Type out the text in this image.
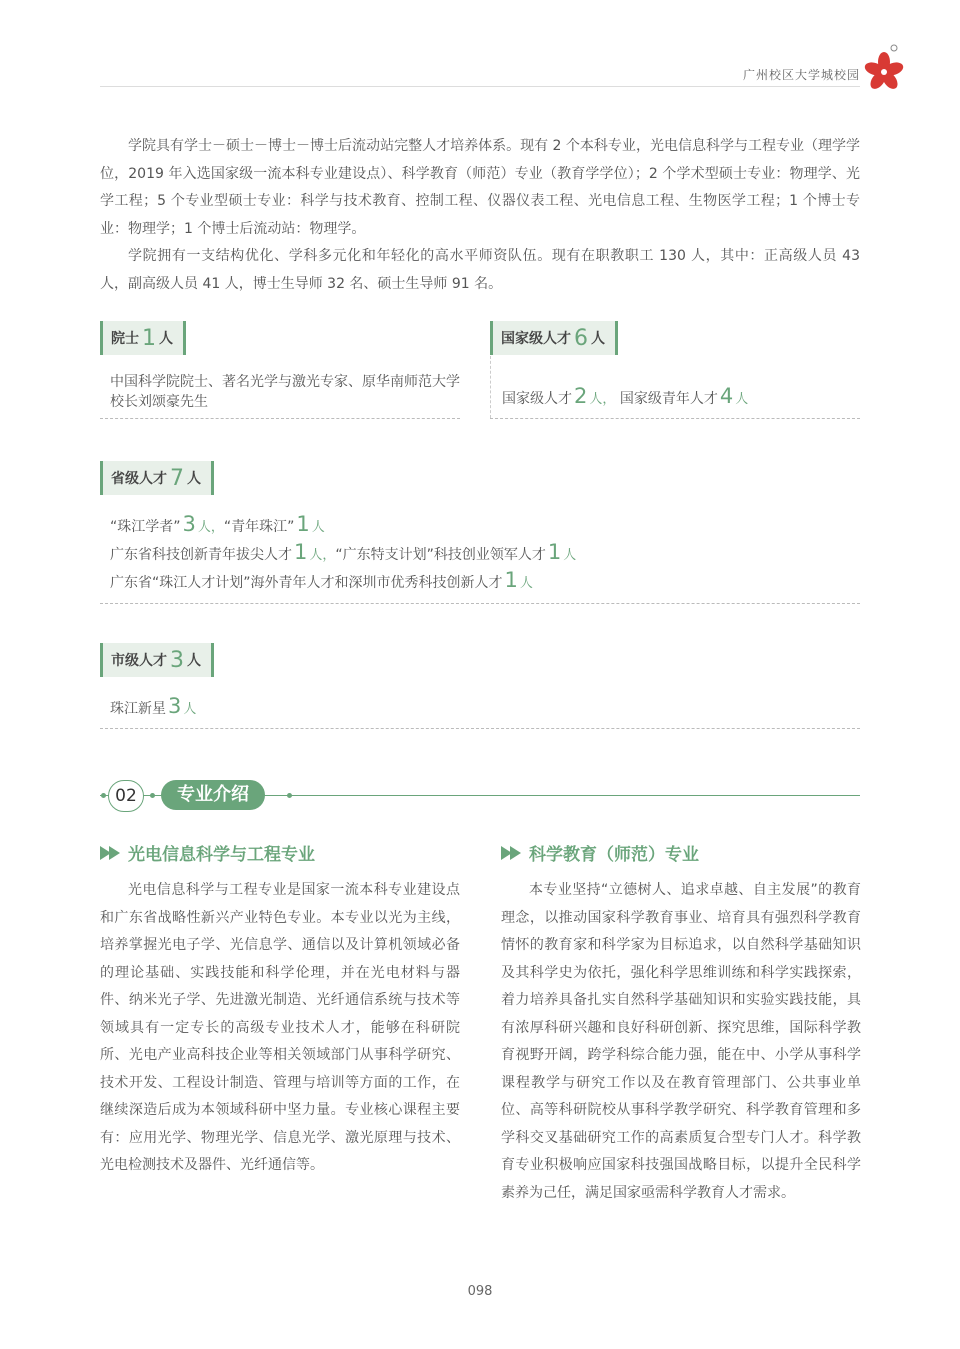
广州校区大学城校园

学院具有学士－硕士－博士－博士后流动站完整人才培养体系。现有 2 个本科专业，光电信息科学与工程专业（理学学位，2019 年入选国家级一流本科专业建设点）、科学教育（师范）专业（教育学学位）；2 个学术型硕士专业：物理学、光学工程；5 个专业型硕士专业：科学与技术教育、控制工程、仪器仪表工程、光电信息工程、生物医学工程；1 个博士专业：物理学；1 个博士后流动站：物理学。

学院拥有一支结构优化、学科多元化和年轻化的高水平师资队伍。现有在职教职工 130 人，其中：正高级人员 43 人，副高级人员 41 人，博士生导师 32 名、硕士生导师 91 名。

院士 1 人
中国科学院院士、著名光学与激光专家、原华南师范大学校长刘颂豪先生
国家级人才 6 人
国家级人才2 人， 国家级青年人才4 人
省级人才 7 人
“珠江学者”3 人，“青年珠江”1 人
广东省科技创新青年拔尖人才1 人，“广东特支计划”科技创业领军人才1 人
广东省“珠江人才计划”海外青年人才和深圳市优秀科技创新人才1 人
市级人才 3 人
珠江新星3 人
02	专业介绍
光电信息科学与工程专业

光电信息科学与工程专业是国家一流本科专业建设点和广东省战略性新兴产业特色专业。本专业以光为主线，培养掌握光电子学、光信息学、通信以及计算机领域必备的理论基础、实践技能和科学伦理，并在光电材料与器件、纳米光子学、先进激光制造、光纤通信系统与技术等领域具有一定专长的高级专业技术人才，能够在科研院所、光电产业高科技企业等相关领域部门从事科学研究、技术开发、工程设计制造、管理与培训等方面的工作，在继续深造后成为本领域科研中坚力量。专业核心课程主要有：应用光学、物理光学、信息光学、激光原理与技术、光电检测技术及器件、光纤通信等。

科学教育（师范）专业

本专业坚持“立德树人、追求卓越、自主发展”的教育理念，以推动国家科学教育事业、培育具有强烈科学教育情怀的教育家和科学家为目标追求，以自然科学基础知识及其科学史为依托，强化科学思维训练和科学实践探索，着力培养具备扎实自然科学基础知识和实验实践技能，具有浓厚科研兴趣和良好科研创新、探究思维，国际科学教育视野开阔，跨学科综合能力强，能在中、小学从事科学课程教学与研究工作以及在教育管理部门、公共事业单位、高等科研院校从事科学教学研究、科学教育管理和多学科交叉基础研究工作的高素质复合型专门人才。科学教育专业积极响应国家科技强国战略目标，以提升全民科学素养为己任，满足国家亟需科学教育人才需求。

098
